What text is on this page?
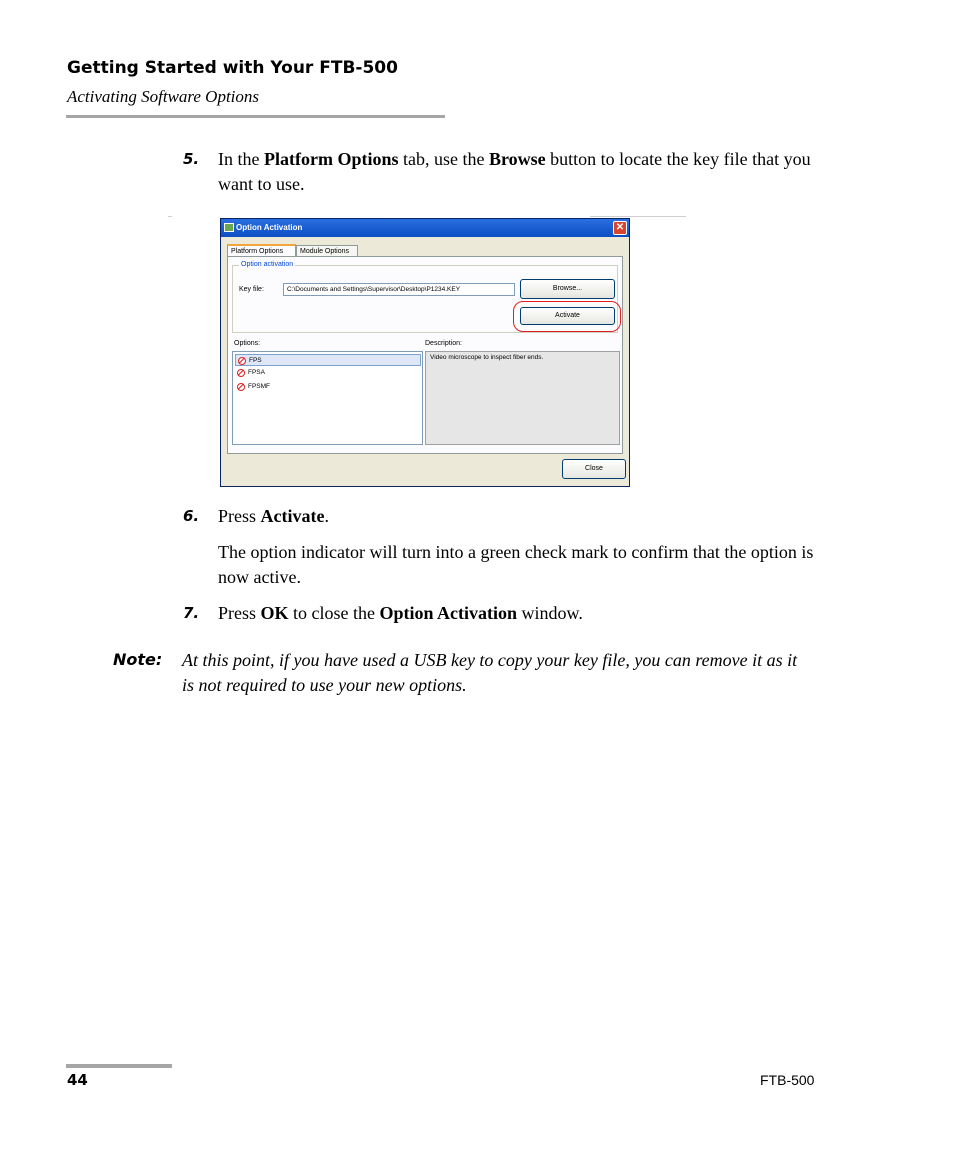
Getting Started with Your FTB-500
Activating Software Options
5. In the Platform Options tab, use the Browse button to locate the key file that you want to use.
Option Activation	✕
Platform Options	Module Options
Option activation
Key file:	C:\Documents and Settings\Supervisor\Desktop\P1234.KEY	Browse...
Activate
Options:	Description:
FPS
FPSA
FPSMF
Video microscope to inspect fiber ends.
Close
6. Press Activate.
The option indicator will turn into a green check mark to confirm that the option is now active.
7. Press OK to close the Option Activation window.
Note: At this point, if you have used a USB key to copy your key file, you can remove it as it is not required to use your new options.
44	FTB-500
